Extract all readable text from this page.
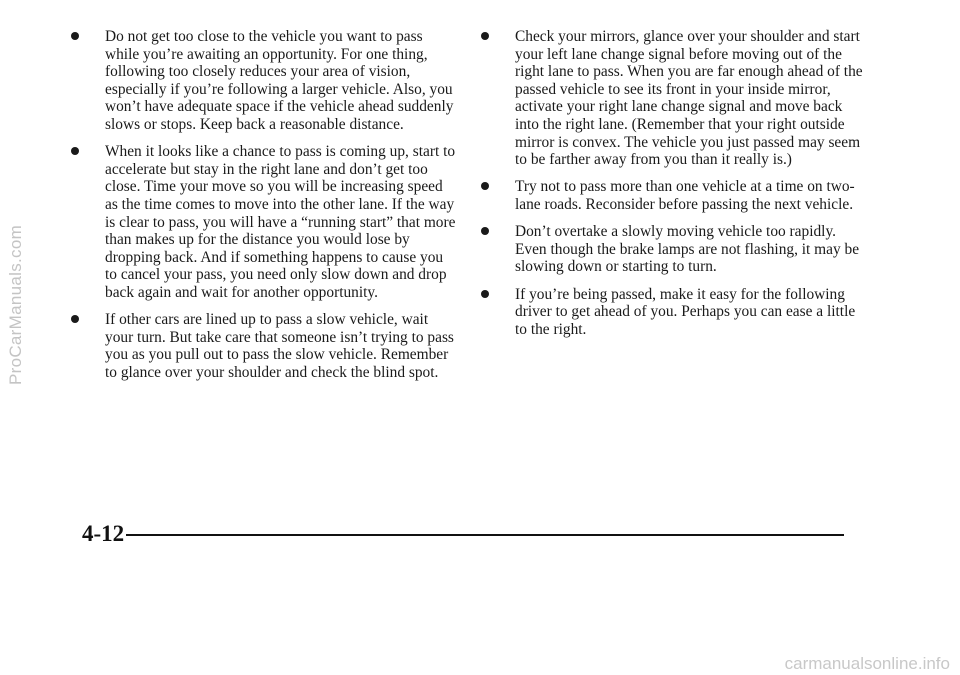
ProCarManuals.com
Do not get too close to the vehicle you want to pass while you’re awaiting an opportunity. For one thing, following too closely reduces your area of vision, especially if you’re following a larger vehicle. Also, you won’t have adequate space if the vehicle ahead suddenly slows or stops. Keep back a reasonable distance.
When it looks like a chance to pass is coming up, start to accelerate but stay in the right lane and don’t get too close. Time your move so you will be increasing speed as the time comes to move into the other lane. If the way is clear to pass, you will have a “running start” that more than makes up for the distance you would lose by dropping back. And if something happens to cause you to cancel your pass, you need only slow down and drop back again and wait for another opportunity.
If other cars are lined up to pass a slow vehicle, wait your turn. But take care that someone isn’t trying to pass you as you pull out to pass the slow vehicle. Remember to glance over your shoulder and check the blind spot.
Check your mirrors, glance over your shoulder and start your left lane change signal before moving out of the right lane to pass. When you are far enough ahead of the passed vehicle to see its front in your inside mirror, activate your right lane change signal and move back into the right lane. (Remember that your right outside mirror is convex. The vehicle you just passed may seem to be farther away from you than it really is.)
Try not to pass more than one vehicle at a time on two-lane roads. Reconsider before passing the next vehicle.
Don’t overtake a slowly moving vehicle too rapidly. Even though the brake lamps are not flashing, it may be slowing down or starting to turn.
If you’re being passed, make it easy for the following driver to get ahead of you. Perhaps you can ease a little to the right.
4-12
carmanualsonline.info
